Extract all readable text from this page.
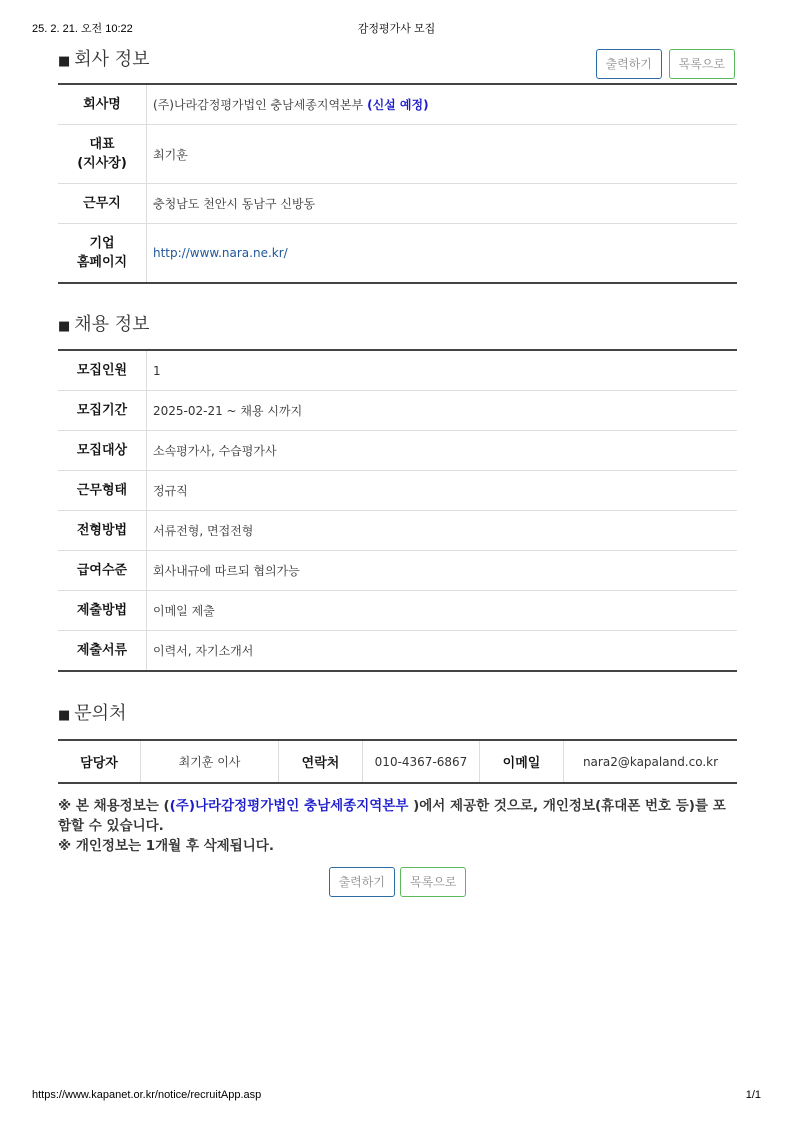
25. 2. 21. 오전 10:22	감정평가사 모집
■ 회사 정보	출력하기 목록으로
회사명	(주)나라감정평가법인 충남세종지역본부 (신설 예정)
대표
(지사장)	최기훈
근무지	충청남도 천안시 동남구 신방동
기업
홈페이지	http://www.nara.ne.kr/
■ 채용 정보
모집인원	1
모집기간	2025-02-21 ~ 채용 시까지
모집대상	소속평가사, 수습평가사
근무형태	정규직
전형방법	서류전형, 면접전형
급여수준	회사내규에 따르되 협의가능
제출방법	이메일 제출
제출서류	이력서, 자기소개서
■ 문의처
담당자	최기훈 이사	연락처	010-4367-6867	이메일	nara2@kapaland.co.kr
※ 본 채용정보는 ((주)나라감정평가법인 충남세종지역본부 )에서 제공한 것으로, 개인정보(휴대폰 번호 등)를 포함할 수 있습니다.
※ 개인정보는 1개월 후 삭제됩니다.
출력하기 목록으로
https://www.kapanet.or.kr/notice/recruitApp.asp	1/1
